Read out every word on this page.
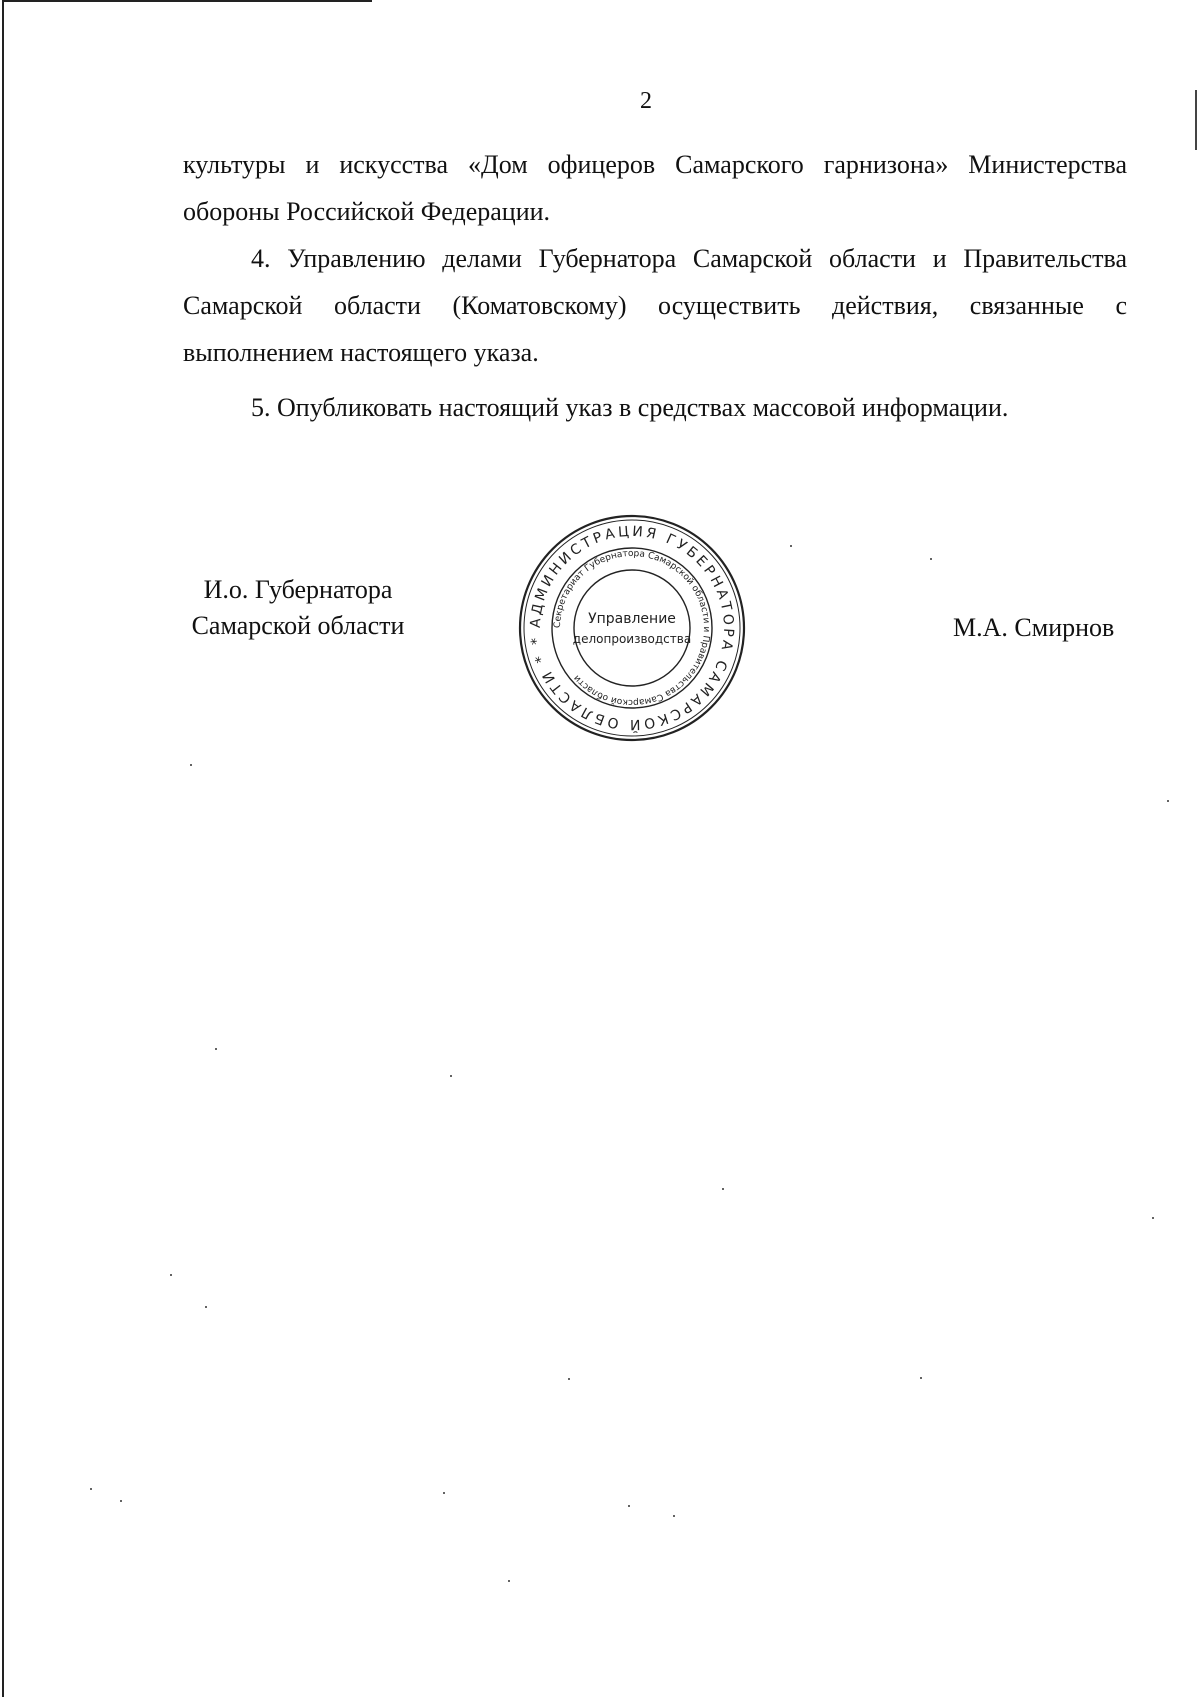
2
культуры и искусства «Дом офицеров Самарского гарнизона» Министерства обороны Российской Федерации.
4. Управлению делами Губернатора Самарской области и Правительства Самарской области (Коматовскому) осуществить действия, связанные с выполнением настоящего указа.
5. Опубликовать настоящий указ в средствах массовой информации.
И.о. Губернатора
Самарской области	АДМИНИСТРАЦИЯ ГУБЕРНАТОРА САМАРСКОЙ ОБЛАСТИ * *
Секретариат Губернатора Самарской области и Правительства Самарской области
Управление
делопроизводства	М.А. Смирнов
